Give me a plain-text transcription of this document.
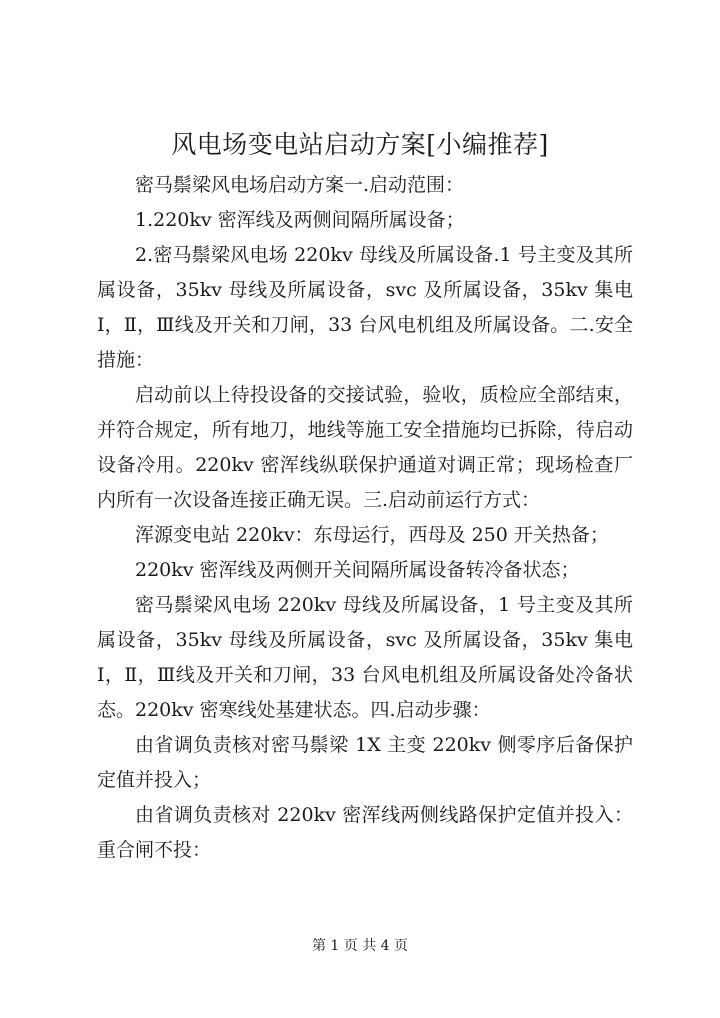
风电场变电站启动方案[小编推荐]

密马鬃梁风电场启动方案一.启动范围：

1.220kv 密浑线及两侧间隔所属设备；

2.密马鬃梁风电场 220kv 母线及所属设备.1 号主变及其所属设备，35kv 母线及所属设备，svc 及所属设备，35kv 集电Ⅰ，Ⅱ，Ⅲ线及开关和刀闸，33 台风电机组及所属设备。二.安全措施：

启动前以上待投设备的交接试验，验收，质检应全部结束，并符合规定，所有地刀，地线等施工安全措施均已拆除，待启动设备冷用。220kv 密浑线纵联保护通道对调正常；现场检查厂内所有一次设备连接正确无误。三.启动前运行方式：

浑源变电站 220kv：东母运行，西母及 250 开关热备；

220kv 密浑线及两侧开关间隔所属设备转冷备状态；

密马鬃梁风电场 220kv 母线及所属设备，1 号主变及其所属设备，35kv 母线及所属设备，svc 及所属设备，35kv 集电Ⅰ，Ⅱ，Ⅲ线及开关和刀闸，33 台风电机组及所属设备处冷备状态。220kv 密寒线处基建状态。四.启动步骤：

由省调负责核对密马鬃梁 1X 主变 220kv 侧零序后备保护定值并投入；

由省调负责核对 220kv 密浑线两侧线路保护定值并投入：重合闸不投：

第 1 页 共 4 页
